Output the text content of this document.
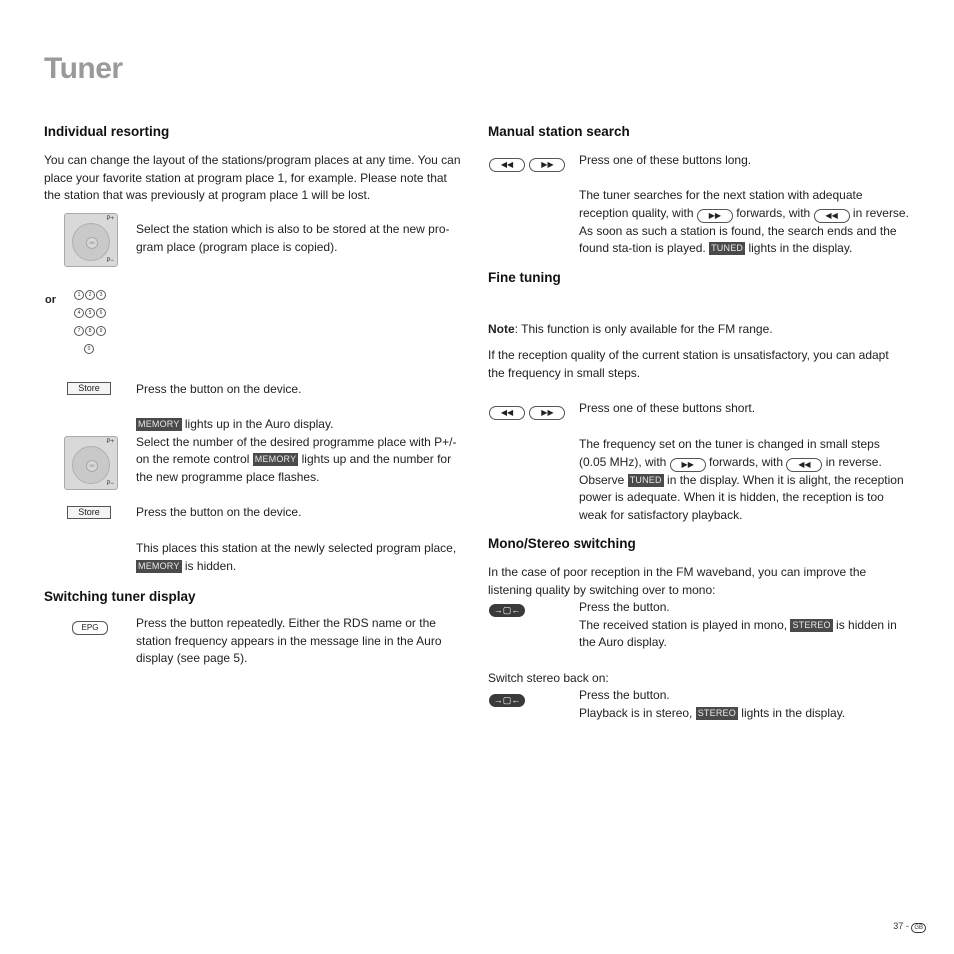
Tuner
Individual resorting
You can change the layout of the stations/program places at any time. You can place your favorite station at program place 1, for example. Please note that the station that was previously at program place 1 will be lost.
OK
P+
P−
Select the station which is also to be stored at the new pro-gram place (program place is copied).
or	1 2 3
4 5 6
7 8 9
0
Store	Press the button on the device.
MEMORY lights up in the Auro display.
Select the number of the desired programme place with P+/- on the remote control MEMORY lights up and the number for the new programme place flashes.
OK
P+
P−
Store	Press the button on the device.
This places this station at the newly selected program place,
MEMORY is hidden.
Switching tuner display
EPG	Press the button repeatedly. Either the RDS name or the station frequency appears in the message line in the Auro display (see page 5).
Manual station search
◀◀	▶▶	Press one of these buttons long.
The tuner searches for the next station with adequate reception quality, with ▶▶ forwards, with ◀◀ in reverse. As soon as such a station is found, the search ends and the found sta-tion is played. TUNED lights in the display.
Fine tuning
Note: This function is only available for the FM range.
If the reception quality of the current station is unsatisfactory, you can adapt the frequency in small steps.
◀◀	▶▶	Press one of these buttons short.
The frequency set on the tuner is changed in small steps (0.05 MHz), with ▶▶ forwards, with ◀◀ in reverse.
Observe TUNED in the display. When it is alight, the reception power is adequate. When it is hidden, the reception is too weak for satisfactory playback.
Mono/Stereo switching
In the case of poor reception in the FM waveband, you can improve the listening quality by switching over to mono:
→▢←	Press the button.
The received station is played in mono, STEREO is hidden in the Auro display.
Switch stereo back on:
→▢←	Press the button.
Playback is in stereo, STEREO lights in the display.
37 - GB
